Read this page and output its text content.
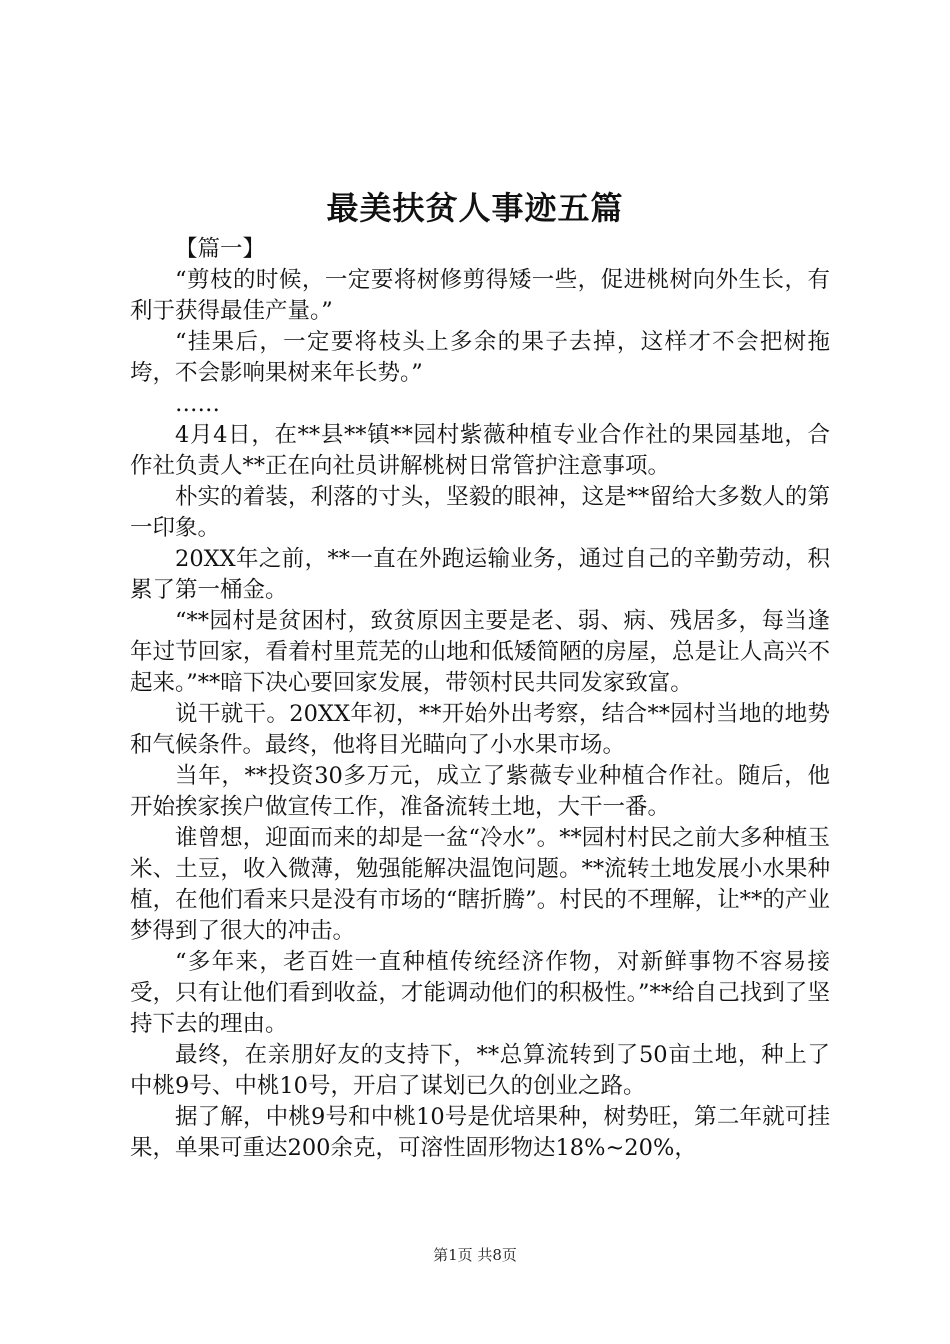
最美扶贫人事迹五篇

【篇一】

“剪枝的时候，一定要将树修剪得矮一些，促进桃树向外生长，有利于获得最佳产量。”

“挂果后，一定要将枝头上多余的果子去掉，这样才不会把树拖垮，不会影响果树来年长势。”

……

4月4日，在**县**镇**园村紫薇种植专业合作社的果园基地，合作社负责人**正在向社员讲解桃树日常管护注意事项。

朴实的着装，利落的寸头，坚毅的眼神，这是**留给大多数人的第一印象。

20XX年之前，**一直在外跑运输业务，通过自己的辛勤劳动，积累了第一桶金。

“**园村是贫困村，致贫原因主要是老、弱、病、残居多，每当逢年过节回家，看着村里荒芜的山地和低矮简陋的房屋，总是让人高兴不起来。”**暗下决心要回家发展，带领村民共同发家致富。

说干就干。20XX年初，**开始外出考察，结合**园村当地的地势和气候条件。最终，他将目光瞄向了小水果市场。

当年，**投资30多万元，成立了紫薇专业种植合作社。随后，他开始挨家挨户做宣传工作，准备流转土地，大干一番。

谁曾想，迎面而来的却是一盆“冷水”。**园村村民之前大多种植玉米、土豆，收入微薄，勉强能解决温饱问题。**流转土地发展小水果种植，在他们看来只是没有市场的“瞎折腾”。村民的不理解，让**的产业梦得到了很大的冲击。

“多年来，老百姓一直种植传统经济作物，对新鲜事物不容易接受，只有让他们看到收益，才能调动他们的积极性。”**给自己找到了坚持下去的理由。

最终，在亲朋好友的支持下，**总算流转到了50亩土地，种上了中桃9号、中桃10号，开启了谋划已久的创业之路。

据了解，中桃9号和中桃10号是优培果种，树势旺，第二年就可挂果，单果可重达200余克，可溶性固形物达18%~20%，

第1页 共8页
